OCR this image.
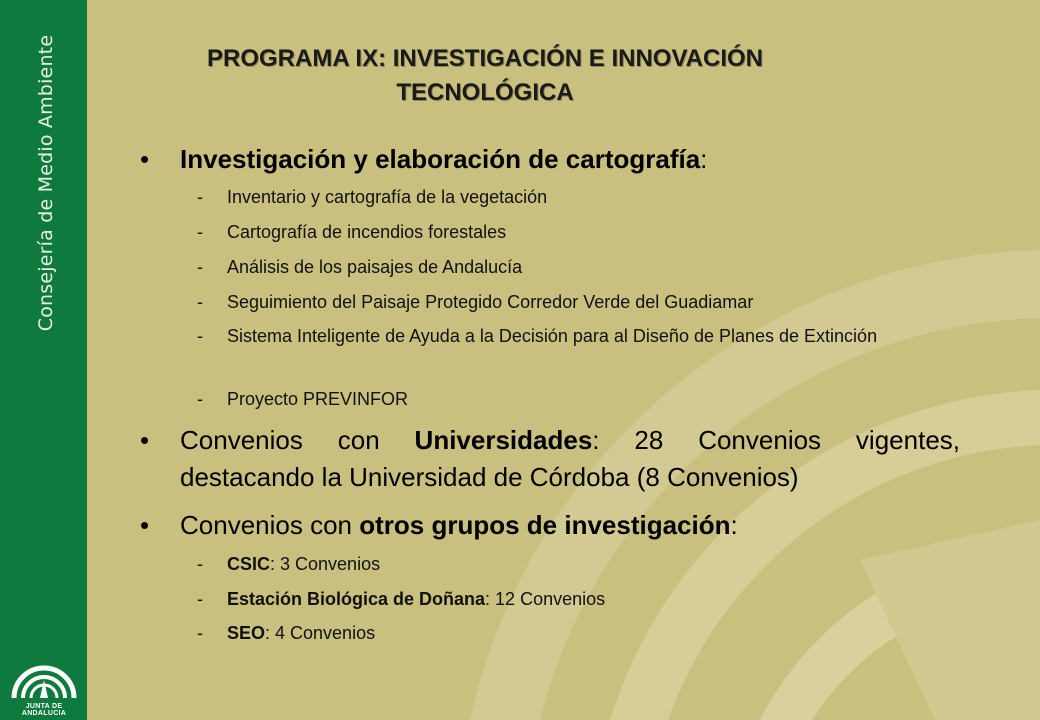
Consejería de Medio Ambiente
JUNTA DE ANDALUCIA
PROGRAMA IX: INVESTIGACIÓN E INNOVACIÓN
TECNOLÓGICA
• Investigación y elaboración de cartografía:
- Inventario y cartografía de la vegetación
- Cartografía de incendios forestales
- Análisis de los paisajes de Andalucía
- Seguimiento del Paisaje Protegido Corredor Verde del Guadiamar
- Sistema Inteligente de Ayuda a la Decisión para al Diseño de Planes de Extinción
- Proyecto PREVINFOR
• Convenios con Universidades: 28 Convenios vigentes, destacando la Universidad de Córdoba (8 Convenios)
• Convenios con otros grupos de investigación:
- CSIC: 3 Convenios
- Estación Biológica de Doñana: 12 Convenios
- SEO: 4 Convenios
